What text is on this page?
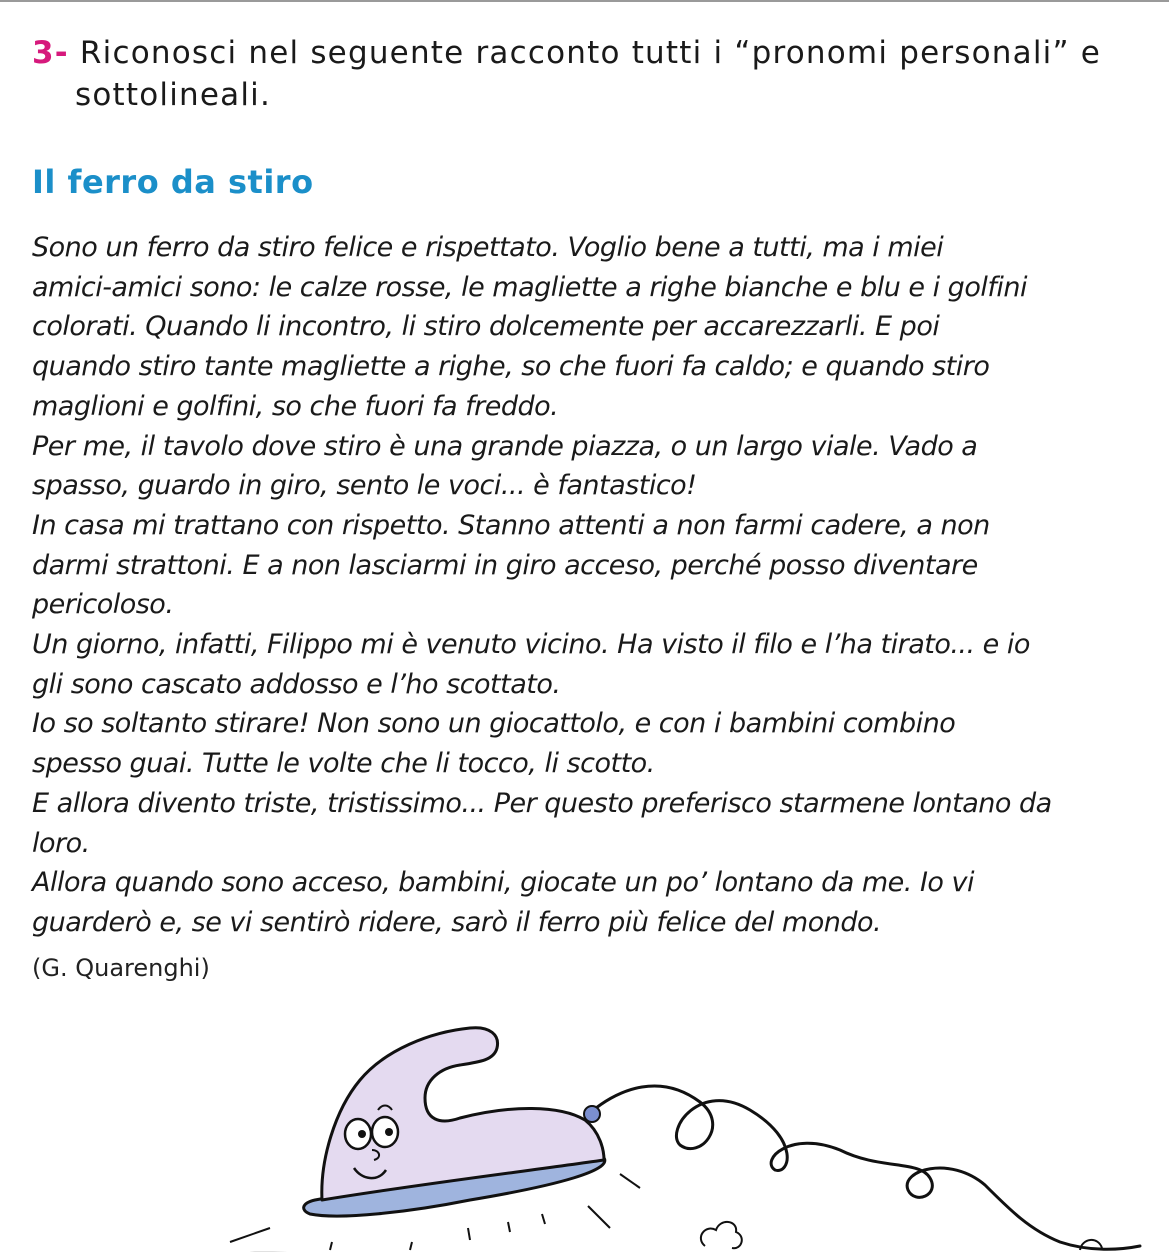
3- Riconosci nel seguente racconto tutti i “pronomi personali” e
sottolineali.
Il ferro da stiro
Sono un ferro da stiro felice e rispettato. Voglio bene a tutti, ma i miei
amici-amici sono: le calze rosse, le magliette a righe bianche e blu e i golfini
colorati. Quando li incontro, li stiro dolcemente per accarezzarli. E poi
quando stiro tante magliette a righe, so che fuori fa caldo; e quando stiro
maglioni e golfini, so che fuori fa freddo.
Per me, il tavolo dove stiro è una grande piazza, o un largo viale. Vado a
spasso, guardo in giro, sento le voci... è fantastico!
In casa mi trattano con rispetto. Stanno attenti a non farmi cadere, a non
darmi strattoni. E a non lasciarmi in giro acceso, perché posso diventare
pericoloso.
Un giorno, infatti, Filippo mi è venuto vicino. Ha visto il filo e l’ha tirato... e io
gli sono cascato addosso e l’ho scottato.
Io so soltanto stirare! Non sono un giocattolo, e con i bambini combino
spesso guai. Tutte le volte che li tocco, li scotto.
E allora divento triste, tristissimo... Per questo preferisco starmene lontano da
loro.
Allora quando sono acceso, bambini, giocate un po’ lontano da me. Io vi
guarderò e, se vi sentirò ridere, sarò il ferro più felice del mondo.
(G. Quarenghi)
